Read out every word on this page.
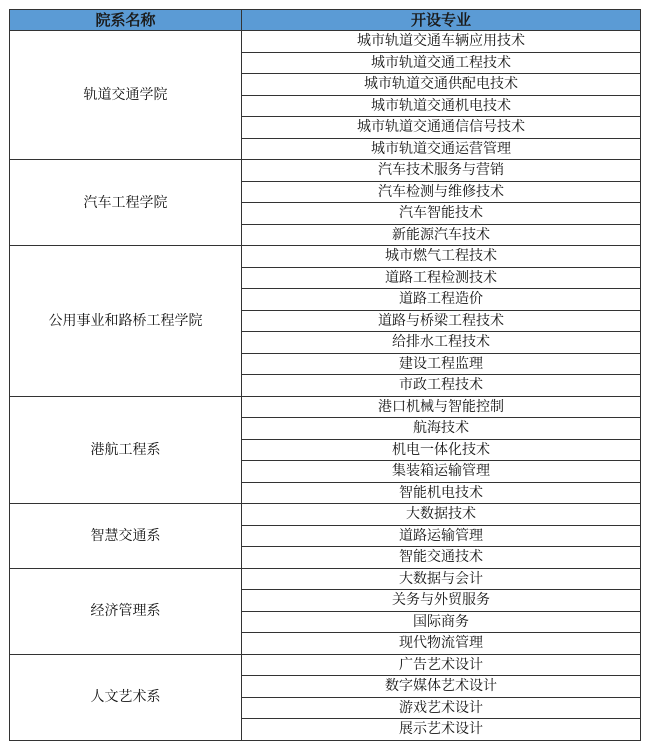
院系名称	开设专业
轨道交通学院	城市轨道交通车辆应用技术
	城市轨道交通工程技术
	城市轨道交通供配电技术
	城市轨道交通机电技术
	城市轨道交通通信信号技术
	城市轨道交通运营管理
汽车工程学院	汽车技术服务与营销
	汽车检测与维修技术
	汽车智能技术
	新能源汽车技术
公用事业和路桥工程学院	城市燃气工程技术
	道路工程检测技术
	道路工程造价
	道路与桥梁工程技术
	给排水工程技术
	建设工程监理
	市政工程技术
港航工程系	港口机械与智能控制
	航海技术
	机电一体化技术
	集装箱运输管理
	智能机电技术
智慧交通系	大数据技术
	道路运输管理
	智能交通技术
经济管理系	大数据与会计
	关务与外贸服务
	国际商务
	现代物流管理
人文艺术系	广告艺术设计
	数字媒体艺术设计
	游戏艺术设计
	展示艺术设计
